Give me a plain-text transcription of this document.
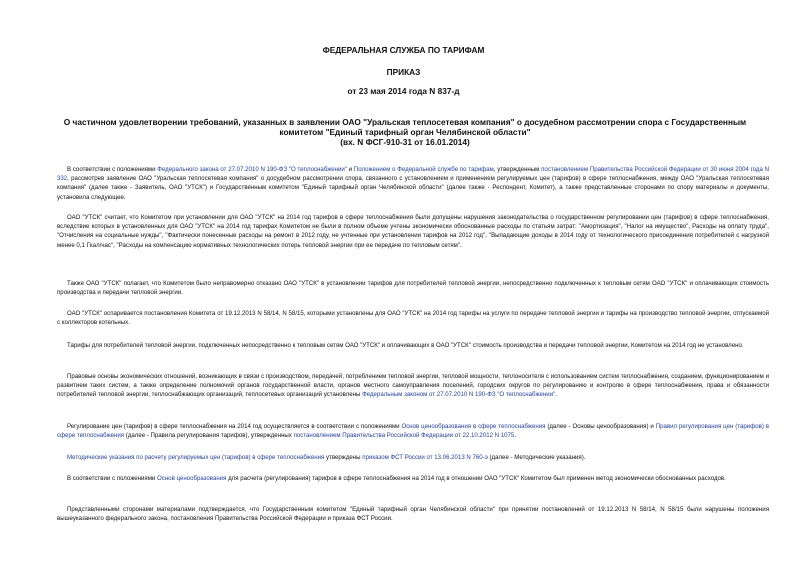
ФЕДЕРАЛЬНАЯ СЛУЖБА ПО ТАРИФАМ
ПРИКАЗ
от 23 мая 2014 года N 837-д
О частичном удовлетворении требований, указанных в заявлении ОАО "Уральская теплосетевая компания" о досудебном рассмотрении спора с Государственным
комитетом "Единый тарифный орган Челябинской области"
(вх. N ФСГ-910-31 от 16.01.2014)
В соответствии с положениями Федерального закона от 27.07.2010 N 190-ФЗ "О теплоснабжении" и Положением о Федеральной службе по тарифам, утвержденным постановлением Правительства Российской Федерации от 30 июня 2004 года N 332, рассмотрев заявление ОАО "Уральская теплосетевая компания" о досудебном рассмотрении спора, связанного с установлением и применением регулируемых цен (тарифов) в сфере теплоснабжения, между ОАО "Уральская теплосетевая компания" (далее также - Заявитель, ОАО "УТСК") и Государственным комитетом "Единый тарифный орган Челябинской области" (далее также - Респондент, Комитет), а также представленные сторонами по спору материалы и документы, установила следующее.
ОАО "УТСК" считает, что Комитетом при установлении для ОАО "УТСК" на 2014 год тарифов в сфере теплоснабжения были допущены нарушения законодательства о государственном регулировании цен (тарифов) в сфере теплоснабжения, вследствие которых в установленных для ОАО "УТСК" на 2014 год тарифах Комитетом не были в полном объеме учтены экономически обоснованные расходы по статьям затрат: "Амортизация", "Налог на имущество", Расходы на оплату труда", "Отчисления на социальные нужды", "Фактически понесенные расходы на ремонт в 2012 году, не учтенные при установлении тарифов на 2012 год", "Выпадающие доходы в 2014 году от технологического присоединения потребителей с нагрузкой менее 0,1 Гкал/час", "Расходы на компенсацию нормативных технологических потерь тепловой энергии при ее передаче по тепловым сетям".
Также ОАО "УТСК" полагает, что Комитетом было неправомерно отказано ОАО "УТСК" в установлении тарифов для потребителей тепловой энергии, непосредственно подключенных к тепловым сетям ОАО "УТСК" и оплачивающих стоимость производства и передачи тепловой энергии.
ОАО "УТСК" оспаривается постановления Комитета от 19.12.2013 N 58/14, N 58/15, которыми установлены для ОАО "УТСК" на 2014 год тарифы на услуги по передаче тепловой энергии и тарифы на производство тепловой энергии, отпускаемой с коллекторов котельных.
Тарифы для потребителей тепловой энергии, подключенных непосредственно к тепловым сетям ОАО "УТСК" и оплачивающих в ОАО "УТСК" стоимость производства и передачи тепловой энергии, Комитетом на 2014 год не установлено.
Правовые основы экономических отношений, возникающих в связи с производством, передачей, потреблением тепловой энергии, тепловой мощности, теплоносителя с использованием систем теплоснабжения, созданием, функционированием и развитием таких систем, а также определение полномочий органов государственной власти, органов местного самоуправления поселений, городских округов по регулированию и контролю в сфере теплоснабжения, права и обязанности потребителей тепловой энергии, теплоснабжающих организаций, теплосетевых организаций установлены Федеральным законом от 27.07.2010 N 190-ФЗ "О теплоснабжении".
Регулирование цен (тарифов) в сфере теплоснабжения на 2014 год осуществляется в соответствии с положениями Основ ценообразования в сфере теплоснабжения (далее - Основы ценообразования) и Правил регулирования цен (тарифов) в сфере теплоснабжения (далее - Правила регулирования тарифов), утвержденных постановлением Правительства Российской Федерации от 22.10.2012 N 1075.
Методические указания по расчету регулируемых цен (тарифов) в сфере теплоснабжения утверждены приказом ФСТ России от 13.06.2013 N 760-э (далее - Методические указания).
В соответствии с положениями Основ ценообразования для расчета (регулирования) тарифов в сфере теплоснабжения на 2014 год в отношении ОАО "УТСК" Комитетом был применен метод экономически обоснованных расходов.
Представленными сторонами материалами подтверждается, что Государственным комитетом "Единый тарифный орган Челябинской области" при принятии постановлений от 19.12.2013 N 58/14, N 58/15 были нарушены положения вышеуказанного федерального закона, постановления Правительства Российской Федерации и приказа ФСТ России.
